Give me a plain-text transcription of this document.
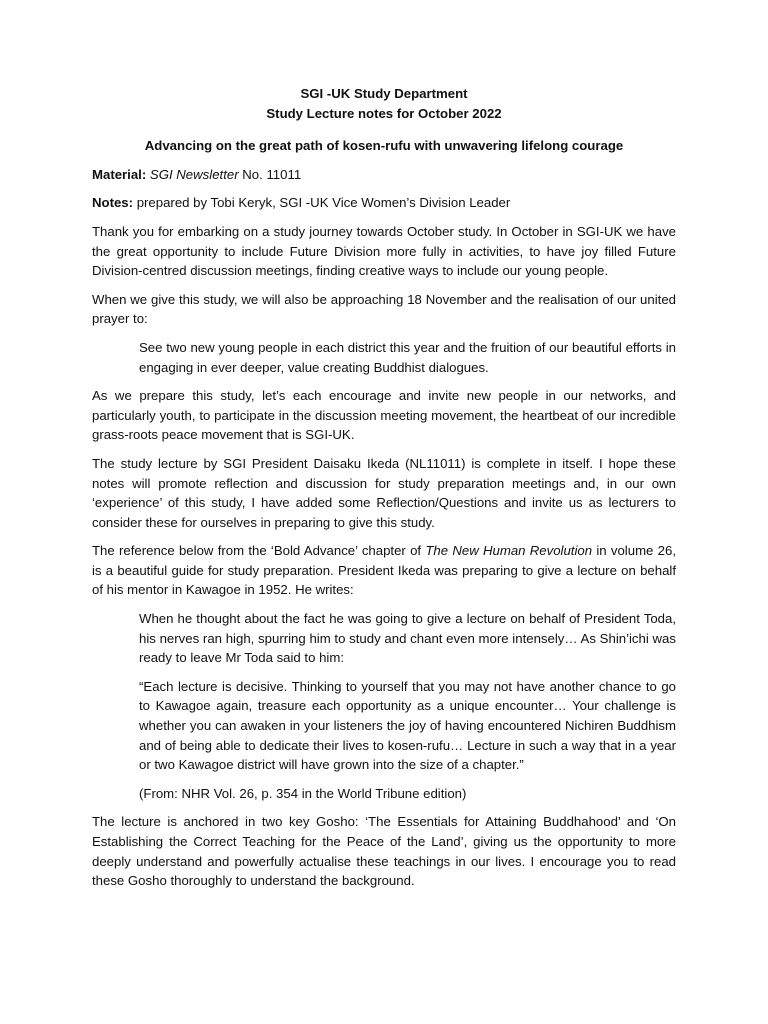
SGI -UK Study Department

Study Lecture notes for October 2022

Advancing on the great path of kosen-rufu with unwavering lifelong courage

Material: SGI Newsletter No. 11011

Notes: prepared by Tobi Keryk, SGI -UK Vice Women’s Division Leader

Thank you for embarking on a study journey towards October study. In October in SGI-UK we have the great opportunity to include Future Division more fully in activities, to have joy filled Future Division-centred discussion meetings, finding creative ways to include our young people.

When we give this study, we will also be approaching 18 November and the realisation of our united prayer to:

See two new young people in each district this year and the fruition of our beautiful efforts in engaging in ever deeper, value creating Buddhist dialogues.

As we prepare this study, let’s each encourage and invite new people in our networks, and particularly youth, to participate in the discussion meeting movement, the heartbeat of our incredible grass-roots peace movement that is SGI-UK.

The study lecture by SGI President Daisaku Ikeda (NL11011) is complete in itself. I hope these notes will promote reflection and discussion for study preparation meetings and, in our own ‘experience’ of this study, I have added some Reflection/Questions and invite us as lecturers to consider these for ourselves in preparing to give this study.

The reference below from the ‘Bold Advance’ chapter of The New Human Revolution in volume 26, is a beautiful guide for study preparation. President Ikeda was preparing to give a lecture on behalf of his mentor in Kawagoe in 1952. He writes:

When he thought about the fact he was going to give a lecture on behalf of President Toda, his nerves ran high, spurring him to study and chant even more intensely… As Shin’ichi was ready to leave Mr Toda said to him:

“Each lecture is decisive. Thinking to yourself that you may not have another chance to go to Kawagoe again, treasure each opportunity as a unique encounter… Your challenge is whether you can awaken in your listeners the joy of having encountered Nichiren Buddhism and of being able to dedicate their lives to kosen-rufu… Lecture in such a way that in a year or two Kawagoe district will have grown into the size of a chapter.”

(From: NHR Vol. 26, p. 354 in the World Tribune edition)

The lecture is anchored in two key Gosho: ‘The Essentials for Attaining Buddhahood’ and ‘On Establishing the Correct Teaching for the Peace of the Land’, giving us the opportunity to more deeply understand and powerfully actualise these teachings in our lives. I encourage you to read these Gosho thoroughly to understand the background.
